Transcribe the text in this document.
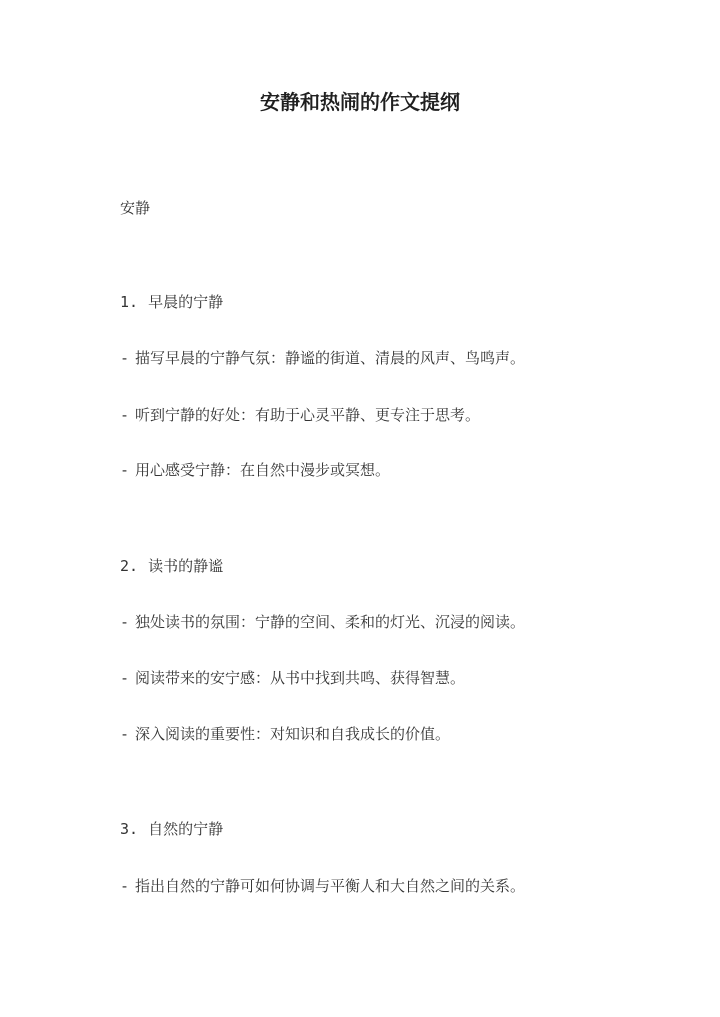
安静和热闹的作文提纲
安静
1. 早晨的宁静
- 描写早晨的宁静气氛：静谧的街道、清晨的风声、鸟鸣声。
- 听到宁静的好处：有助于心灵平静、更专注于思考。
- 用心感受宁静：在自然中漫步或冥想。
2. 读书的静谧
- 独处读书的氛围：宁静的空间、柔和的灯光、沉浸的阅读。
- 阅读带来的安宁感：从书中找到共鸣、获得智慧。
- 深入阅读的重要性：对知识和自我成长的价值。
3. 自然的宁静
- 指出自然的宁静可如何协调与平衡人和大自然之间的关系。
